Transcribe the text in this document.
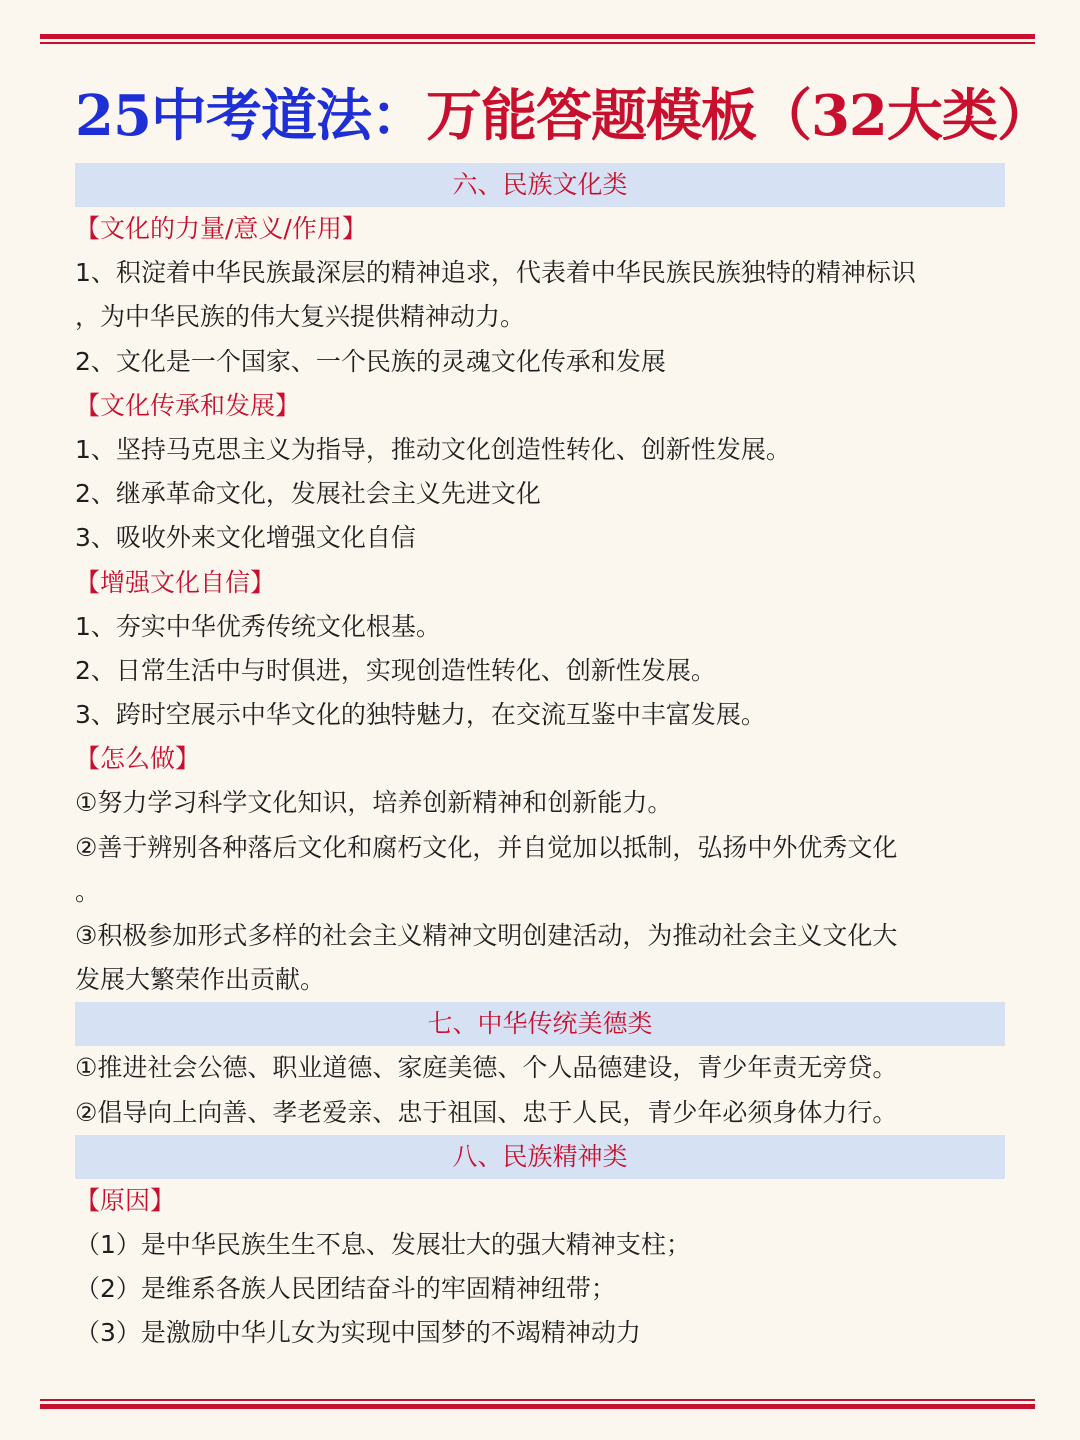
25中考道法：万能答题模板（32大类）
六、民族文化类
【文化的力量/意义/作用】
1、积淀着中华民族最深层的精神追求，代表着中华民族民族独特的精神标识
，为中华民族的伟大复兴提供精神动力。
2、文化是一个国家、一个民族的灵魂文化传承和发展
【文化传承和发展】
1、坚持马克思主义为指导，推动文化创造性转化、创新性发展。
2、继承革命文化，发展社会主义先进文化
3、吸收外来文化增强文化自信
【增强文化自信】
1、夯实中华优秀传统文化根基。
2、日常生活中与时俱进，实现创造性转化、创新性发展。
3、跨时空展示中华文化的独特魅力，在交流互鉴中丰富发展。
【怎么做】
①努力学习科学文化知识，培养创新精神和创新能力。
②善于辨别各种落后文化和腐朽文化，并自觉加以抵制，弘扬中外优秀文化
。
③积极参加形式多样的社会主义精神文明创建活动，为推动社会主义文化大
发展大繁荣作出贡献。
七、中华传统美德类
①推进社会公德、职业道德、家庭美德、个人品德建设，青少年责无旁贷。
②倡导向上向善、孝老爱亲、忠于祖国、忠于人民，青少年必须身体力行。
八、民族精神类
【原因】
（1）是中华民族生生不息、发展壮大的强大精神支柱；
（2）是维系各族人民团结奋斗的牢固精神纽带；
（3）是激励中华儿女为实现中国梦的不竭精神动力
